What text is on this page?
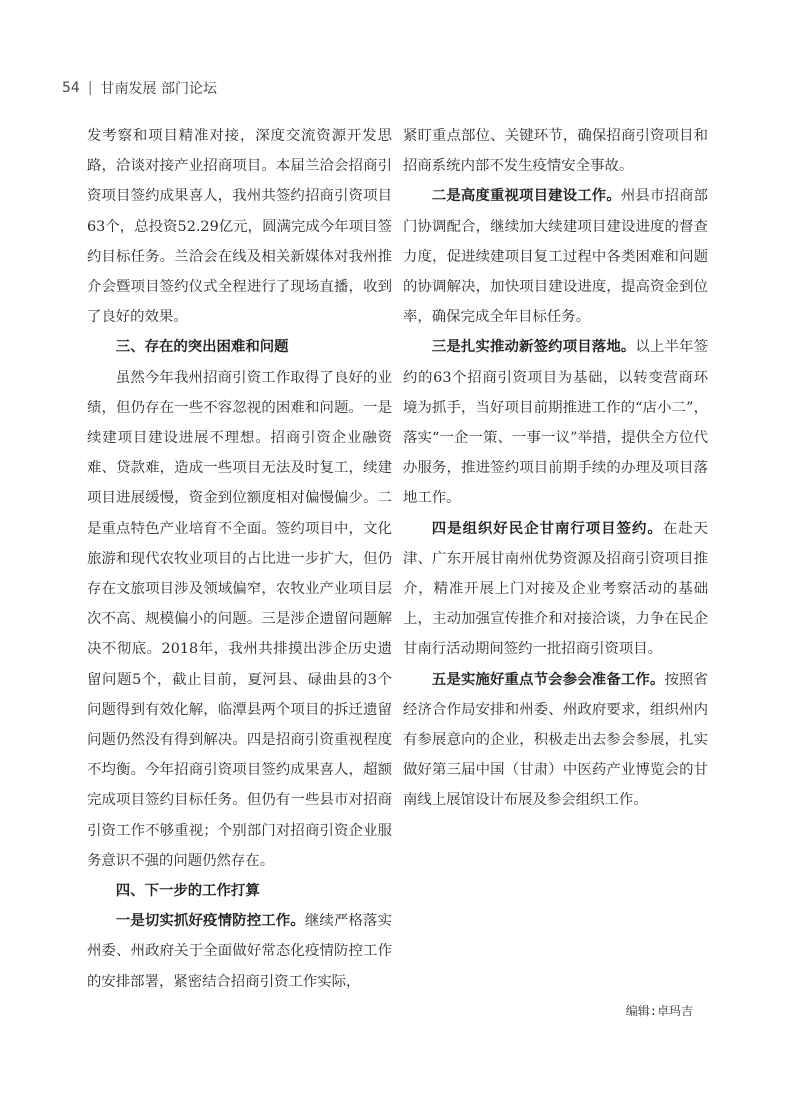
54 | 甘南发展 部门论坛

发考察和项目精准对接，深度交流资源开发思路，洽谈对接产业招商项目。本届兰洽会招商引资项目签约成果喜人，我州共签约招商引资项目63个，总投资52.29亿元，圆满完成今年项目签约目标任务。兰洽会在线及相关新媒体对我州推介会暨项目签约仪式全程进行了现场直播，收到了良好的效果。

三、存在的突出困难和问题

虽然今年我州招商引资工作取得了良好的业绩，但仍存在一些不容忽视的困难和问题。一是续建项目建设进展不理想。招商引资企业融资难、贷款难，造成一些项目无法及时复工，续建项目进展缓慢，资金到位额度相对偏慢偏少。二是重点特色产业培育不全面。签约项目中，文化旅游和现代农牧业项目的占比进一步扩大，但仍存在文旅项目涉及领域偏窄，农牧业产业项目层次不高、规模偏小的问题。三是涉企遗留问题解决不彻底。2018年，我州共排摸出涉企历史遗留问题5个，截止目前，夏河县、碌曲县的3个问题得到有效化解，临潭县两个项目的拆迁遗留问题仍然没有得到解决。四是招商引资重视程度不均衡。今年招商引资项目签约成果喜人，超额完成项目签约目标任务。但仍有一些县市对招商引资工作不够重视；个别部门对招商引资企业服务意识不强的问题仍然存在。

四、下一步的工作打算

一是切实抓好疫情防控工作。继续严格落实州委、州政府关于全面做好常态化疫情防控工作的安排部署，紧密结合招商引资工作实际，

紧盯重点部位、关键环节，确保招商引资项目和招商系统内部不发生疫情安全事故。

二是高度重视项目建设工作。州县市招商部门协调配合，继续加大续建项目建设进度的督查力度，促进续建项目复工过程中各类困难和问题的协调解决，加快项目建设进度，提高资金到位率，确保完成全年目标任务。

三是扎实推动新签约项目落地。以上半年签约的63个招商引资项目为基础，以转变营商环境为抓手，当好项目前期推进工作的“店小二”，落实“一企一策、一事一议”举措，提供全方位代办服务，推进签约项目前期手续的办理及项目落地工作。

四是组织好民企甘南行项目签约。在赴天津、广东开展甘南州优势资源及招商引资项目推介，精准开展上门对接及企业考察活动的基础上，主动加强宣传推介和对接洽谈，力争在民企甘南行活动期间签约一批招商引资项目。

五是实施好重点节会参会准备工作。按照省经济合作局安排和州委、州政府要求，组织州内有参展意向的企业，积极走出去参会参展，扎实做好第三届中国（甘肃）中医药产业博览会的甘南线上展馆设计布展及参会组织工作。

编辑:卓玛吉
